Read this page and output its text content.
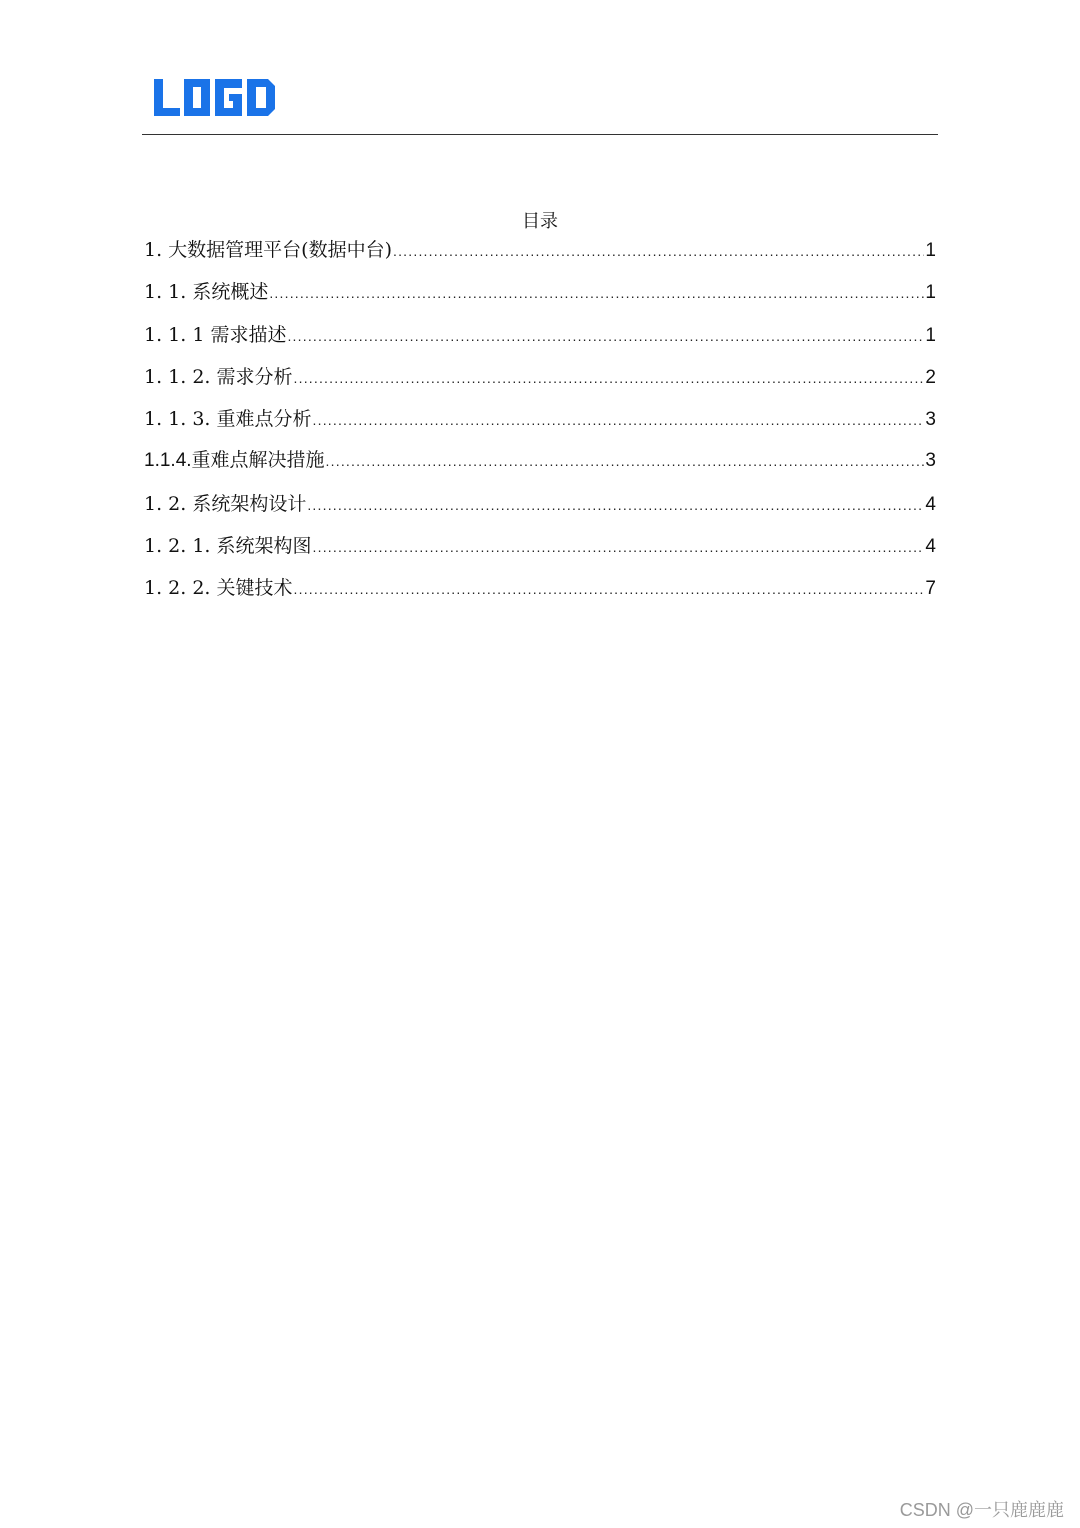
目录
1. 大数据管理平台(数据中台) .....	1
1. 1. 系统概述 .....	1
1. 1. 1 需求描述 .....	1
1. 1. 2. 需求分析 .....	2
1. 1. 3. 重难点分析 .....	3
1.1.4.重难点解决措施 .....	3
1. 2. 系统架构设计 .....	4
1. 2. 1. 系统架构图 .....	4
1. 2. 2. 关键技术 .....	7
CSDN @一只鹿鹿鹿
